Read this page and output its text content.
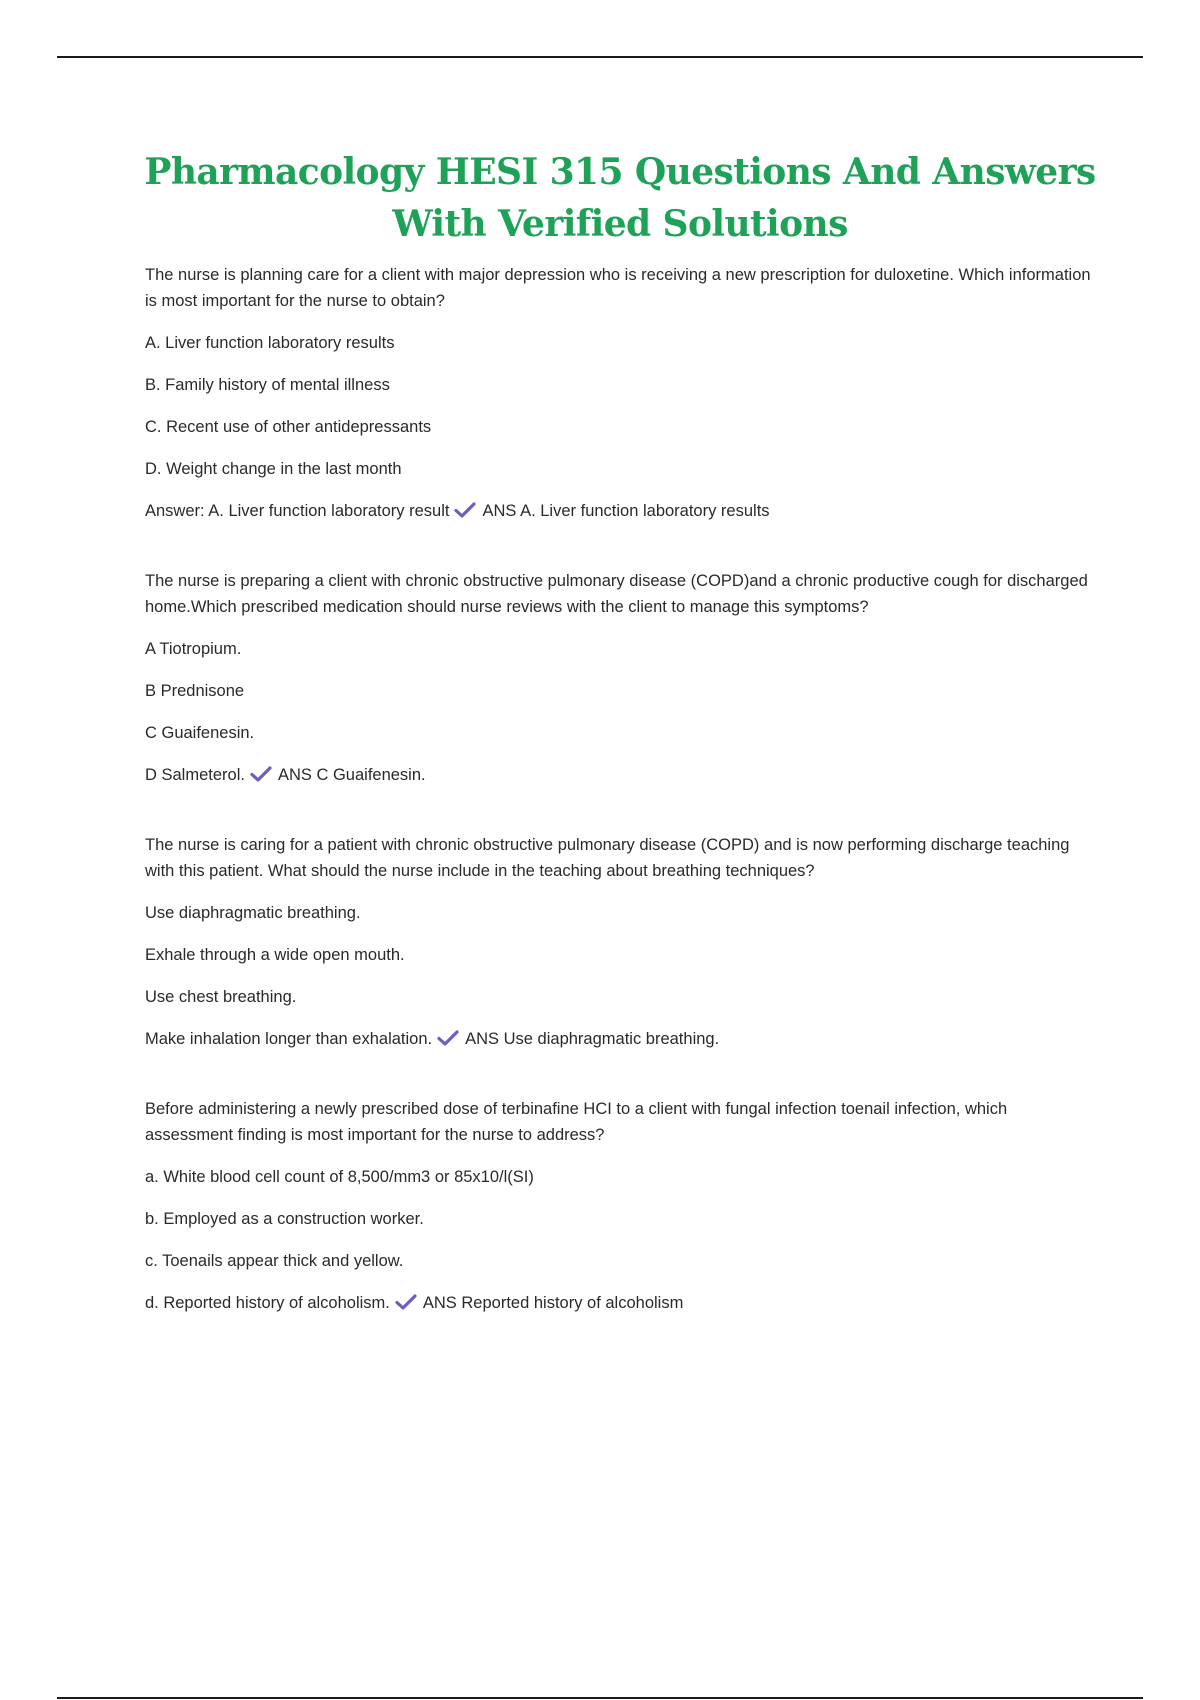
Pharmacology HESI 315 Questions And Answers With Verified Solutions

The nurse is planning care for a client with major depression who is receiving a new prescription for duloxetine. Which information is most important for the nurse to obtain?

A. Liver function laboratory results

B. Family history of mental illness

C. Recent use of other antidepressants

D. Weight change in the last month

Answer: A. Liver function laboratory result ANS A. Liver function laboratory results

The nurse is preparing a client with chronic obstructive pulmonary disease (COPD)and a chronic productive cough for discharged home.Which prescribed medication should nurse reviews with the client to manage this symptoms?

A Tiotropium.

B Prednisone

C Guaifenesin.

D Salmeterol. ANS C Guaifenesin.

The nurse is caring for a patient with chronic obstructive pulmonary disease (COPD) and is now performing discharge teaching with this patient. What should the nurse include in the teaching about breathing techniques?

Use diaphragmatic breathing.

Exhale through a wide open mouth.

Use chest breathing.

Make inhalation longer than exhalation. ANS Use diaphragmatic breathing.

Before administering a newly prescribed dose of terbinafine HCI to a client with fungal infection toenail infection, which assessment finding is most important for the nurse to address?

a. White blood cell count of 8,500/mm3 or 85x10/l(SI)

b. Employed as a construction worker.

c. Toenails appear thick and yellow.

d. Reported history of alcoholism. ANS Reported history of alcoholism
